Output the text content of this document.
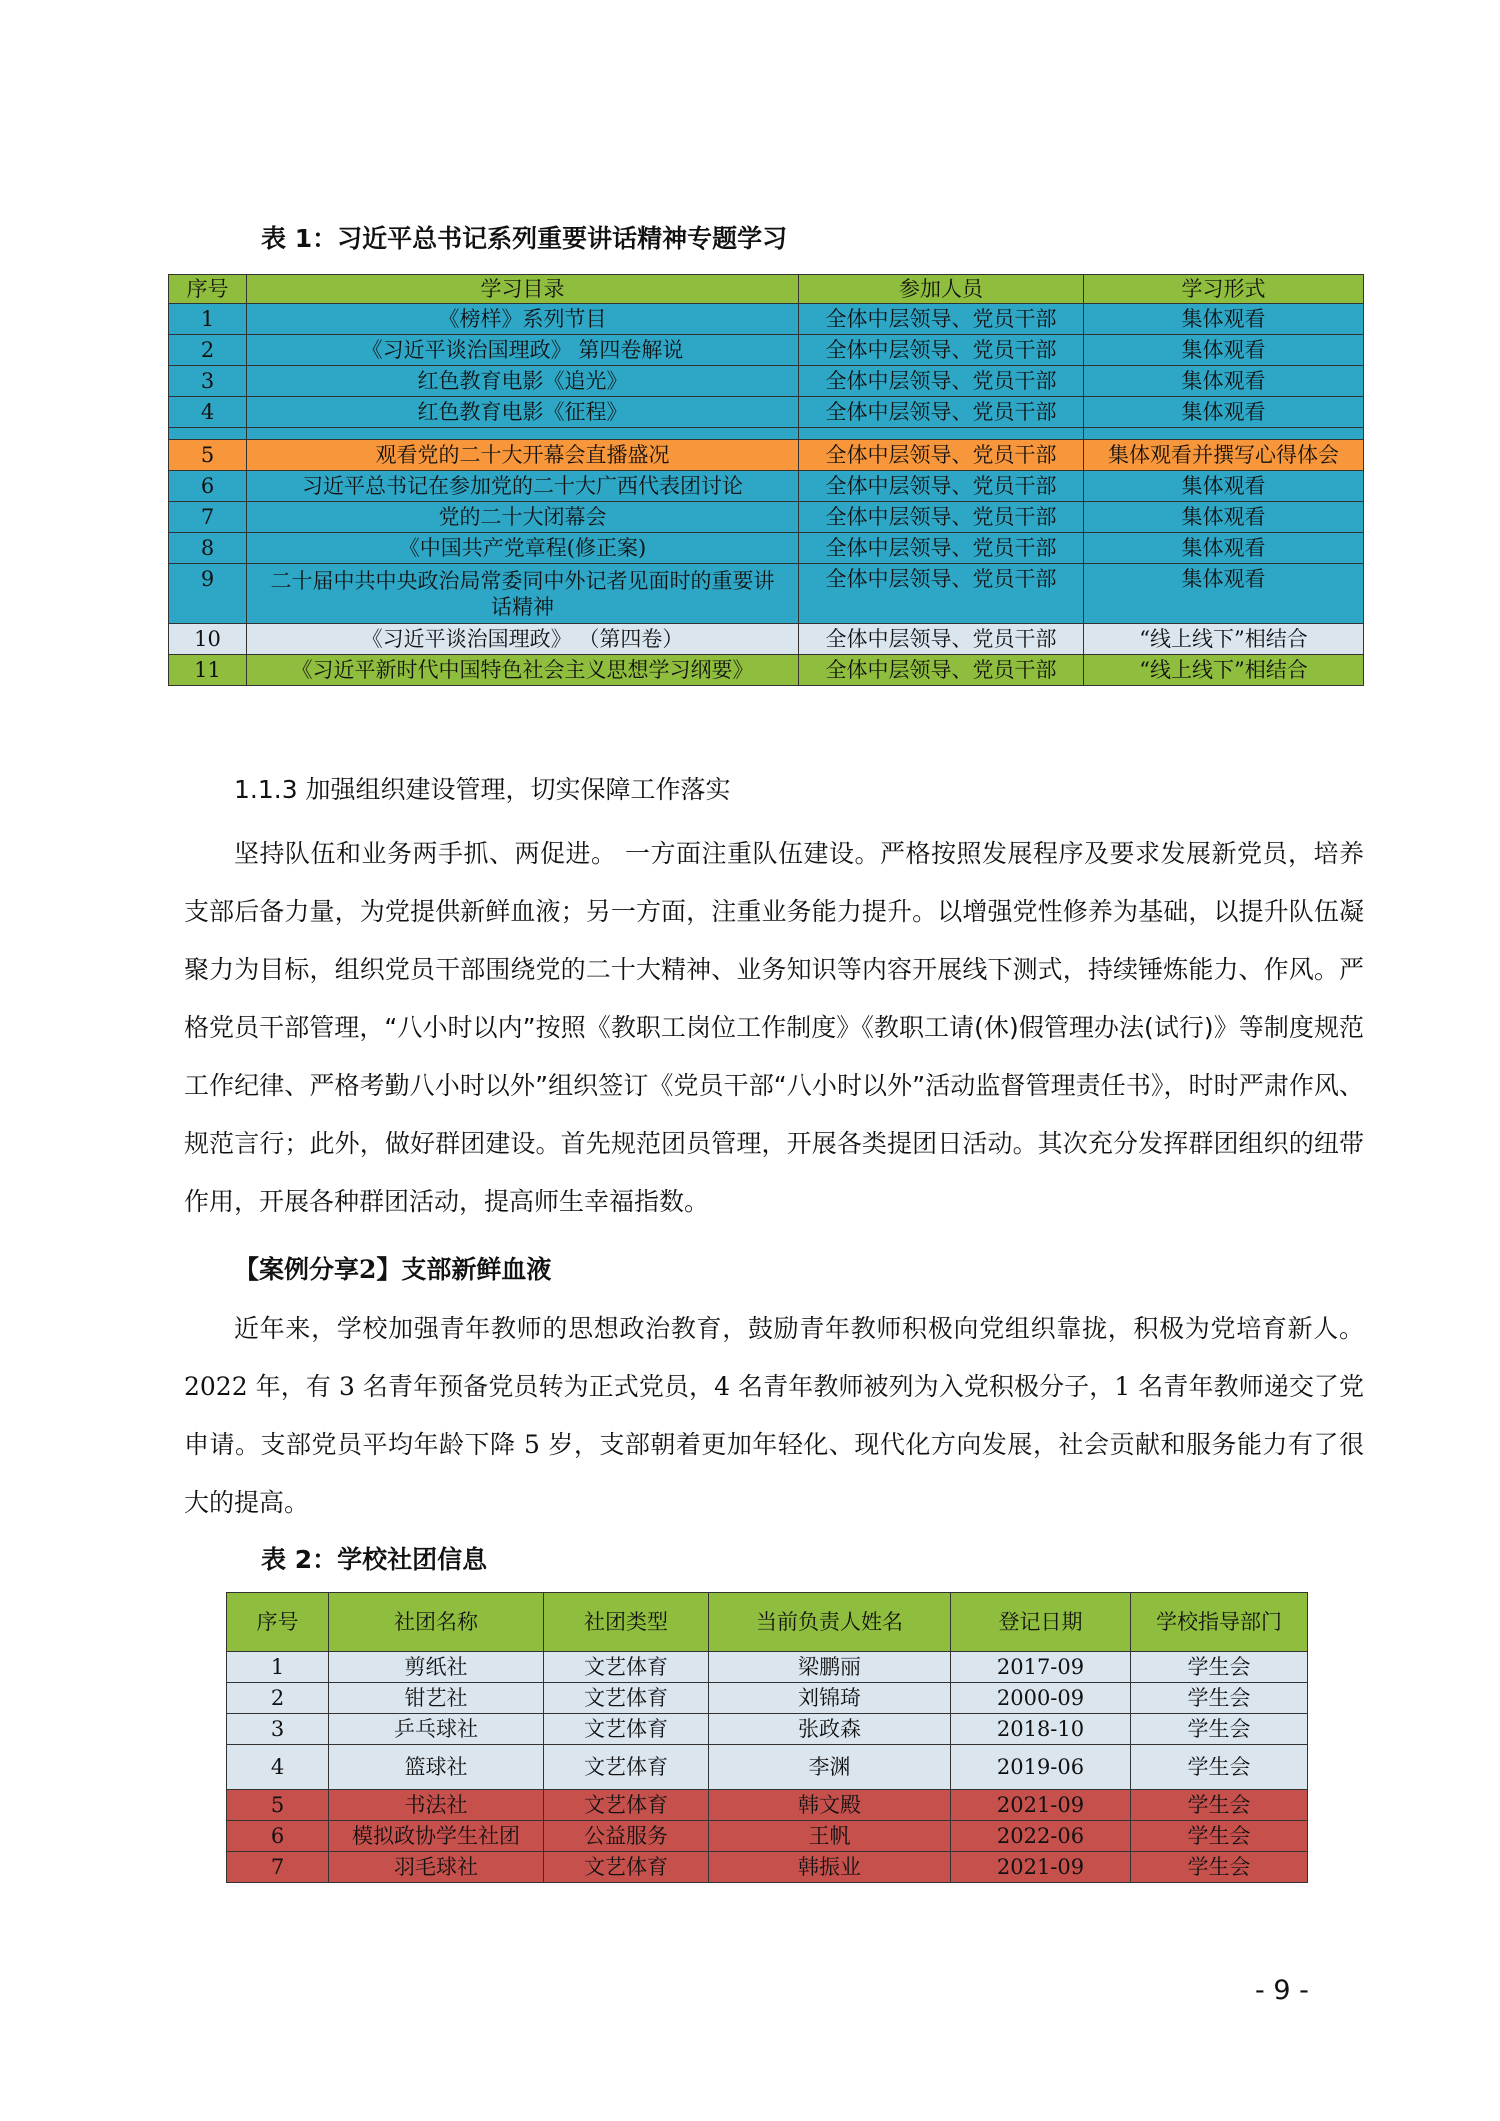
表 1：习近平总书记系列重要讲话精神专题学习
序号	学习目录	参加人员	学习形式
1	《榜样》系列节目	全体中层领导、党员干部	集体观看
2	《习近平谈治国理政》 第四卷解说	全体中层领导、党员干部	集体观看
3	红色教育电影《追光》	全体中层领导、党员干部	集体观看
4	红色教育电影《征程》	全体中层领导、党员干部	集体观看

5	观看党的二十大开幕会直播盛况	全体中层领导、党员干部	集体观看并撰写心得体会
6	习近平总书记在参加党的二十大广西代表团讨论	全体中层领导、党员干部	集体观看
7	党的二十大闭幕会	全体中层领导、党员干部	集体观看
8	《中国共产党章程(修正案)	全体中层领导、党员干部	集体观看
9	二十届中共中央政治局常委同中外记者见面时的重要讲话精神	全体中层领导、党员干部	集体观看
10	《习近平谈治国理政》 （第四卷）	全体中层领导、党员干部	“线上线下”相结合
11	《习近平新时代中国特色社会主义思想学习纲要》	全体中层领导、党员干部	“线上线下”相结合
1.1.3 加强组织建设管理，切实保障工作落实

坚持队伍和业务两手抓、两促进。 一方面注重队伍建设。严格按照发展程序及要求发展新党员，培养支部后备力量，为党提供新鲜血液；另一方面，注重业务能力提升。以增强党性修养为基础，以提升队伍凝聚力为目标，组织党员干部围绕党的二十大精神、业务知识等内容开展线下测式，持续锤炼能力、作风。严格党员干部管理，“八小时以内”按照《教职工岗位工作制度》《教职工请(休)假管理办法(试行)》等制度规范工作纪律、严格考勤八小时以外”组织签订《党员干部“八小时以外”活动监督管理责任书》，时时严肃作风、规范言行；此外，做好群团建设。首先规范团员管理，开展各类提团日活动。其次充分发挥群团组织的纽带作用，开展各种群团活动，提高师生幸福指数。

【案例分享2】支部新鲜血液

近年来，学校加强青年教师的思想政治教育，鼓励青年教师积极向党组织靠拢，积极为党培育新人。2022 年，有 3 名青年预备党员转为正式党员，4 名青年教师被列为入党积极分子，1 名青年教师递交了党申请。支部党员平均年龄下降 5 岁，支部朝着更加年轻化、现代化方向发展，社会贡献和服务能力有了很大的提高。

表 2：学校社团信息
序号	社团名称	社团类型	当前负责人姓名	登记日期	学校指导部门
1	剪纸社	文艺体育	梁鹏丽	2017-09	学生会
2	钳艺社	文艺体育	刘锦琦	2000-09	学生会
3	乒乓球社	文艺体育	张政森	2018-10	学生会
4	篮球社	文艺体育	李渊	2019-06	学生会
5	书法社	文艺体育	韩文殿	2021-09	学生会
6	模拟政协学生社团	公益服务	王帆	2022-06	学生会
7	羽毛球社	文艺体育	韩振业	2021-09	学生会
- 9 -
